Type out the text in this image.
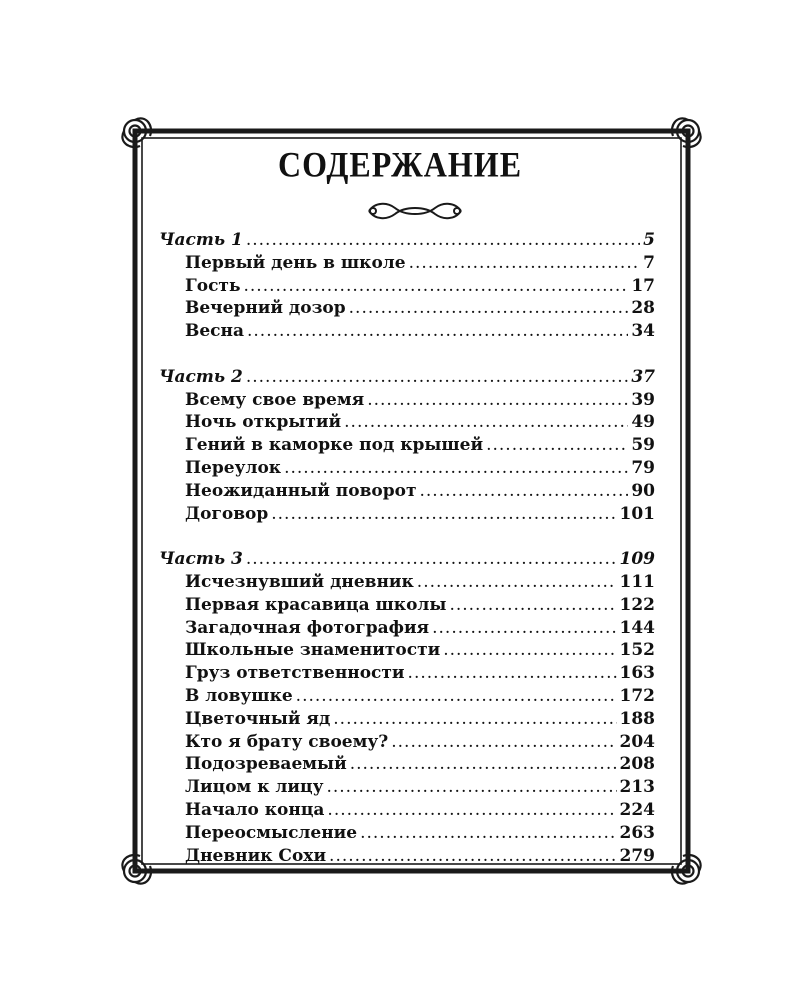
СОДЕРЖАНИЕ
Часть 1 .....	5
Первый день в школе .....	7
Гость .....	17
Вечерний дозор .....	28
Весна .....	34
Часть 2 .....	37
Всему свое время .....	39
Ночь открытий .....	49
Гений в каморке под крышей .....	59
Переулок .....	79
Неожиданный поворот .....	90
Договор .....	101
Часть 3 .....	109
Исчезнувший дневник .....	111
Первая красавица школы .....	122
Загадочная фотография .....	144
Школьные знаменитости .....	152
Груз ответственности .....	163
В ловушке .....	172
Цветочный яд .....	188
Кто я брату своему? .....	204
Подозреваемый .....	208
Лицом к лицу .....	213
Начало конца .....	224
Переосмысление .....	263
Дневник Сохи .....	279
